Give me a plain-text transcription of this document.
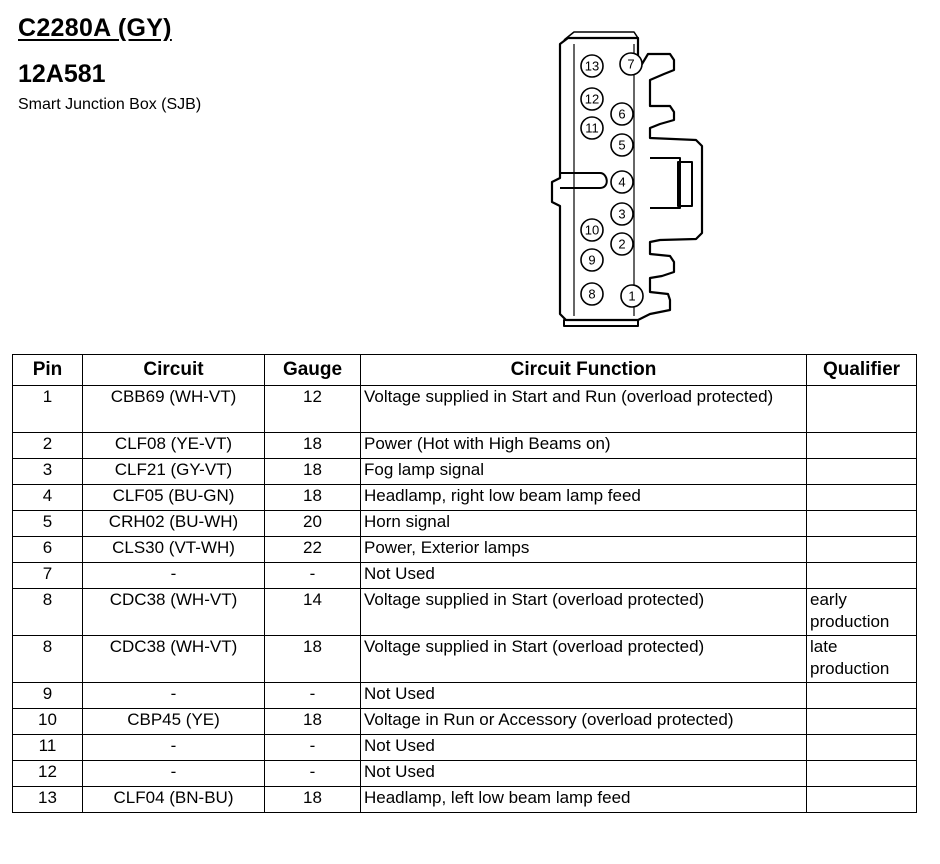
C2280A (GY)
12A581
Smart Junction Box (SJB)
1
2
3
4
5
6
7
8
9
10
11
12
13
Pin	Circuit	Gauge	Circuit Function	Qualifier
1	CBB69 (WH-VT)	12	Voltage supplied in Start and Run (overload protected)	
2	CLF08 (YE-VT)	18	Power (Hot with High Beams on)	
3	CLF21 (GY-VT)	18	Fog lamp signal	
4	CLF05 (BU-GN)	18	Headlamp, right low beam lamp feed	
5	CRH02 (BU-WH)	20	Horn signal	
6	CLS30 (VT-WH)	22	Power, Exterior lamps	
7	-	-	Not Used	
8	CDC38 (WH-VT)	14	Voltage supplied in Start (overload protected)	early production
8	CDC38 (WH-VT)	18	Voltage supplied in Start (overload protected)	late production
9	-	-	Not Used	
10	CBP45 (YE)	18	Voltage in Run or Accessory (overload protected)	
11	-	-	Not Used	
12	-	-	Not Used	
13	CLF04 (BN-BU)	18	Headlamp, left low beam lamp feed	
